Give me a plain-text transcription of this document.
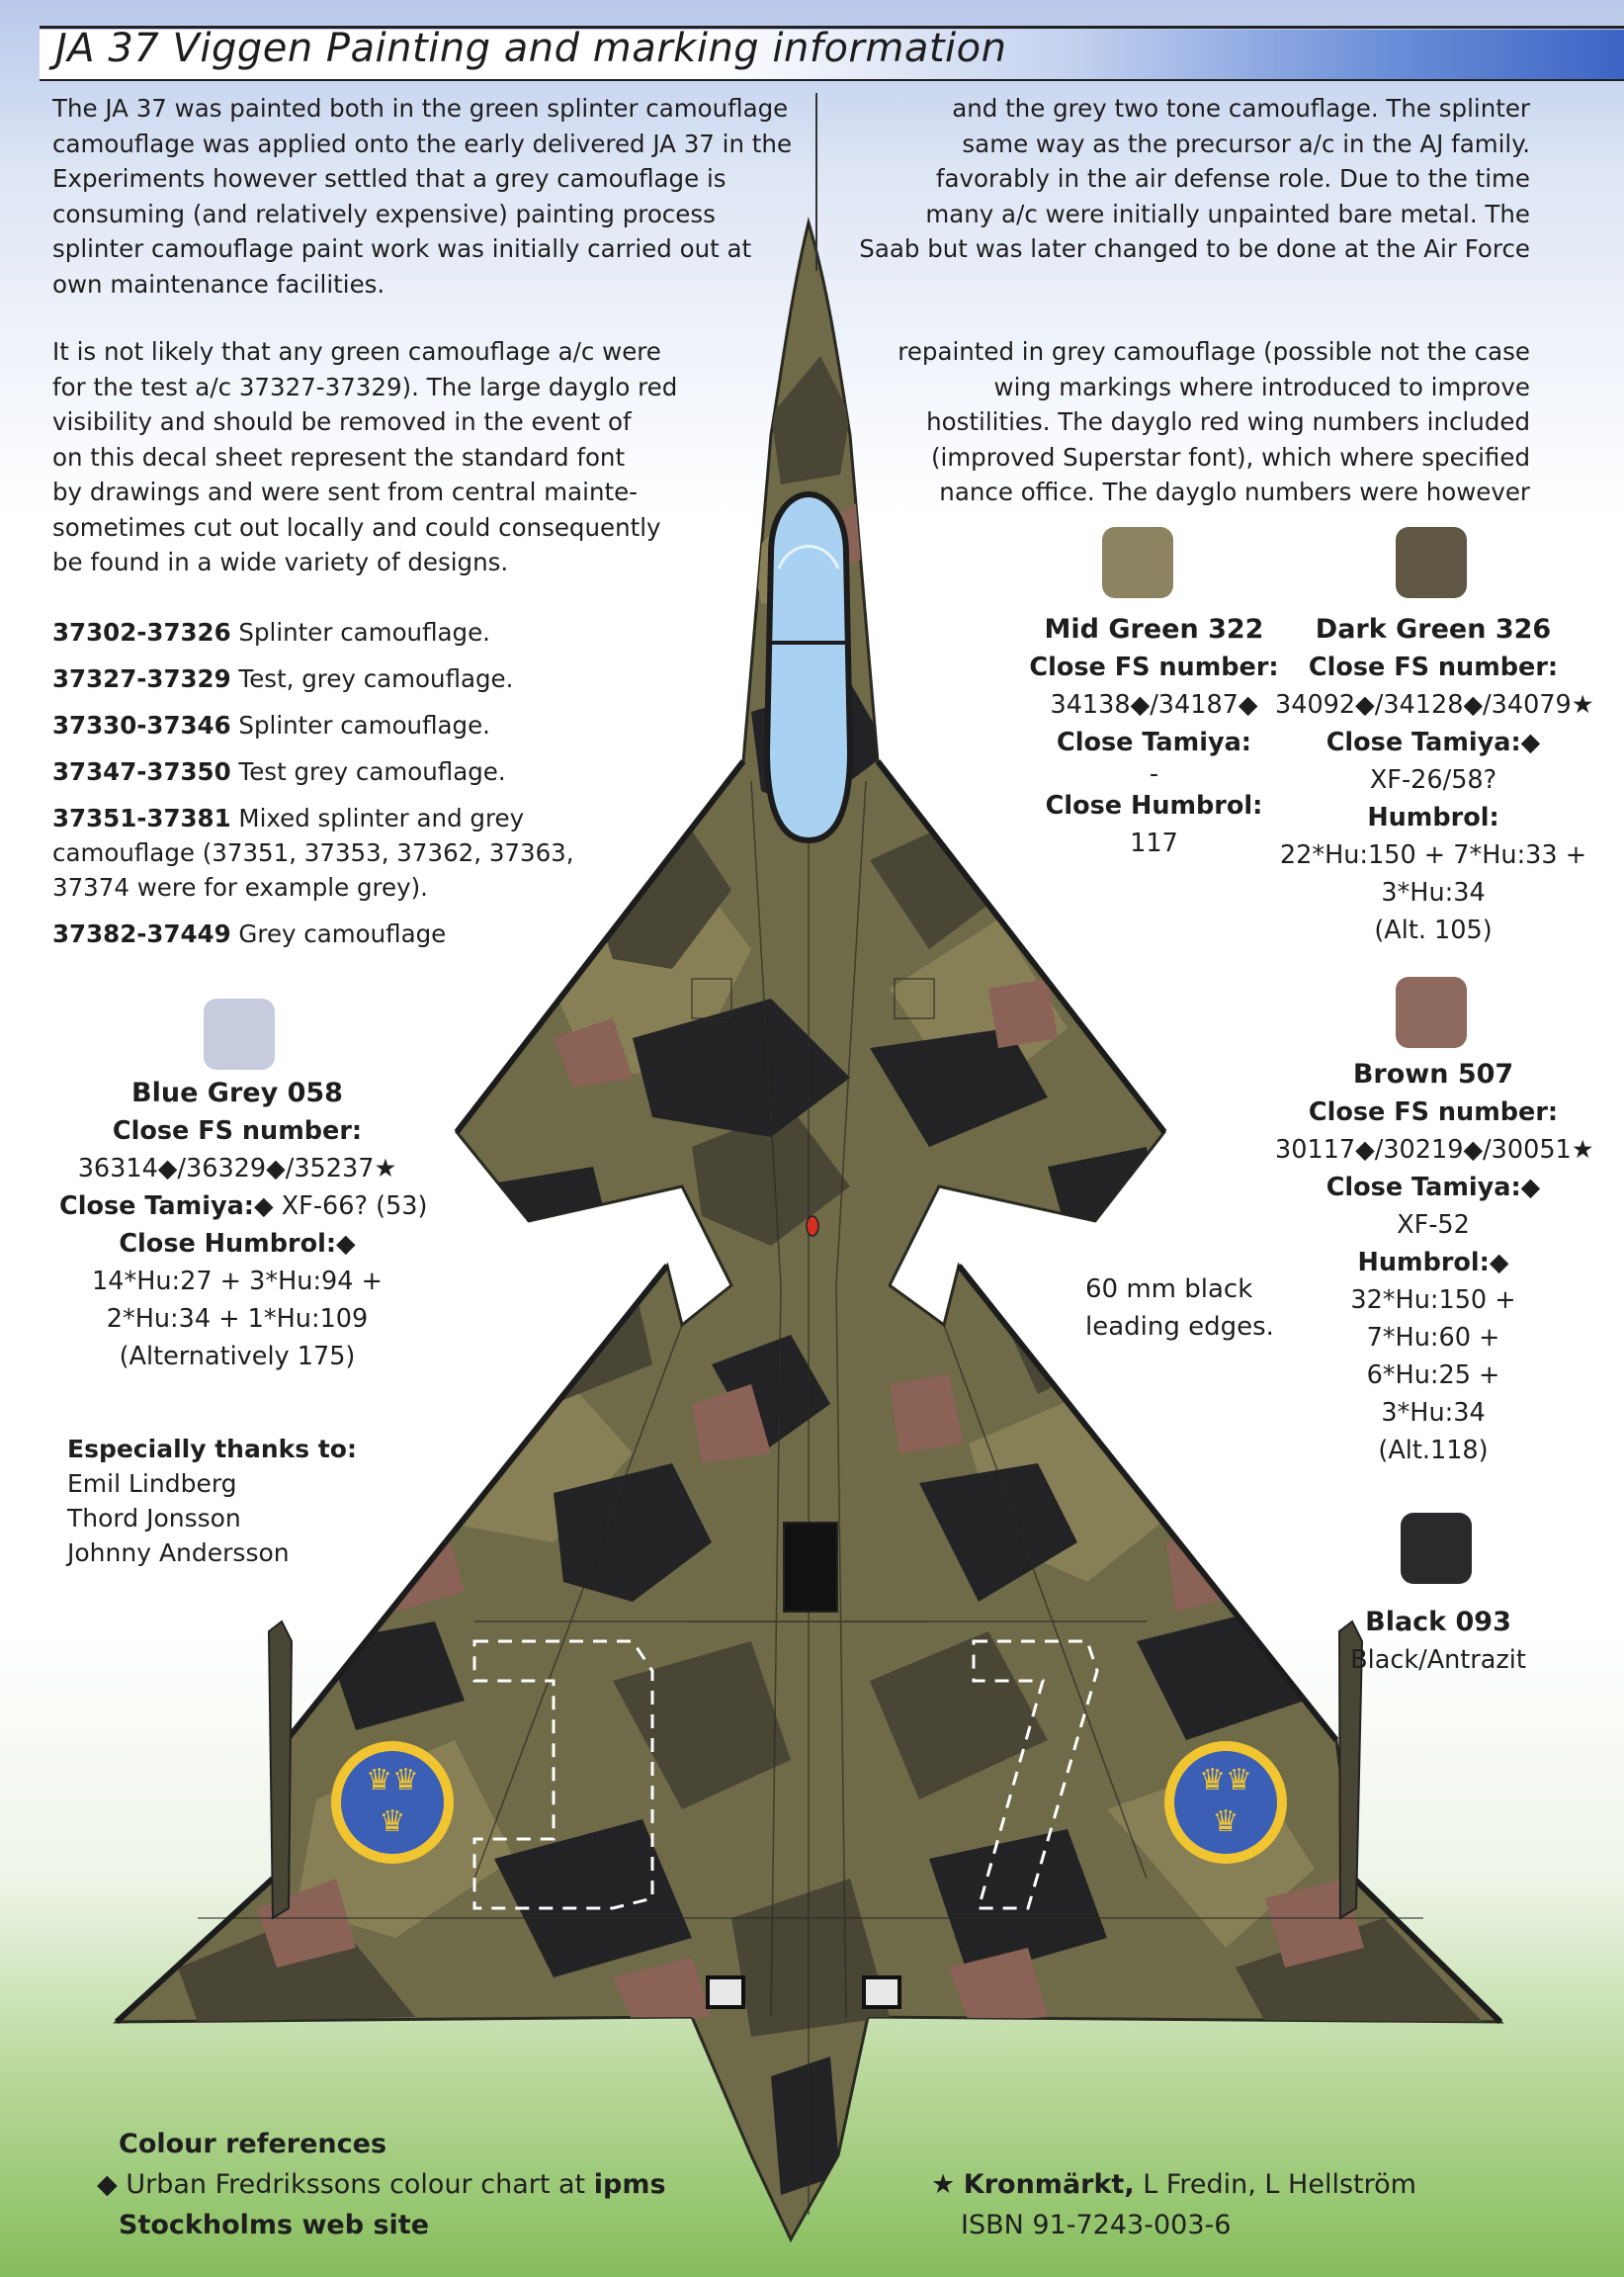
JA 37 Viggen Painting and marking information
♛♛
♛
♛♛
♛
The JA 37 was painted both in the green splinter camouflage
camouflage was applied onto the early delivered JA 37 in the
Experiments however settled that a grey camouflage is
consuming (and relatively expensive) painting process
splinter camouflage paint work was initially carried out at
own maintenance facilities.
and the grey two tone camouflage. The splinter
same way as the precursor a/c in the AJ family.
favorably in the air defense role. Due to the time
many a/c were initially unpainted bare metal. The
Saab but was later changed to be done at the Air Force
It is not likely that any green camouflage a/c were
for the test a/c 37327-37329). The large dayglo red
visibility and should be removed in the event of
on this decal sheet represent the standard font
by drawings and were sent from central mainte-
sometimes cut out locally and could consequently
be found in a wide variety of designs.
repainted in grey camouflage (possible not the case
wing markings where introduced to improve
hostilities. The dayglo red wing numbers included
(improved Superstar font), which where specified
nance office. The dayglo numbers were however
37302-37326 Splinter camouflage.
37327-37329 Test, grey camouflage.
37330-37346 Splinter camouflage.
37347-37350 Test grey camouflage.
37351-37381 Mixed splinter and grey
camouflage (37351, 37353, 37362, 37363,
37374 were for example grey).
37382-37449 Grey camouflage
Mid Green 322
Close FS number:
34138◆/34187◆
Close Tamiya:
-
Close Humbrol:
117
Dark Green 326
Close FS number:
34092◆/34128◆/34079★
Close Tamiya:◆
XF-26/58?
Humbrol:
22*Hu:150 + 7*Hu:33 +
3*Hu:34
(Alt. 105)
Brown 507
Close FS number:
30117◆/30219◆/30051★
Close Tamiya:◆
XF-52
Humbrol:◆
32*Hu:150 +
7*Hu:60 +
6*Hu:25 +
3*Hu:34
(Alt.118)
60 mm black
leading edges.
Black 093
Black/Antrazit
Blue Grey 058
Close FS number:
36314◆/36329◆/35237★
Close Tamiya:◆ XF-66? (53)
Close Humbrol:◆
14*Hu:27 + 3*Hu:94 +
2*Hu:34 + 1*Hu:109
(Alternatively 175)
Especially thanks to:
Emil Lindberg
Thord Jonsson
Johnny Andersson
Colour references
◆ Urban Fredrikssons colour chart at ipms
Stockholms web site
★ Kronmärkt, L Fredin, L Hellström
ISBN 91-7243-003-6
